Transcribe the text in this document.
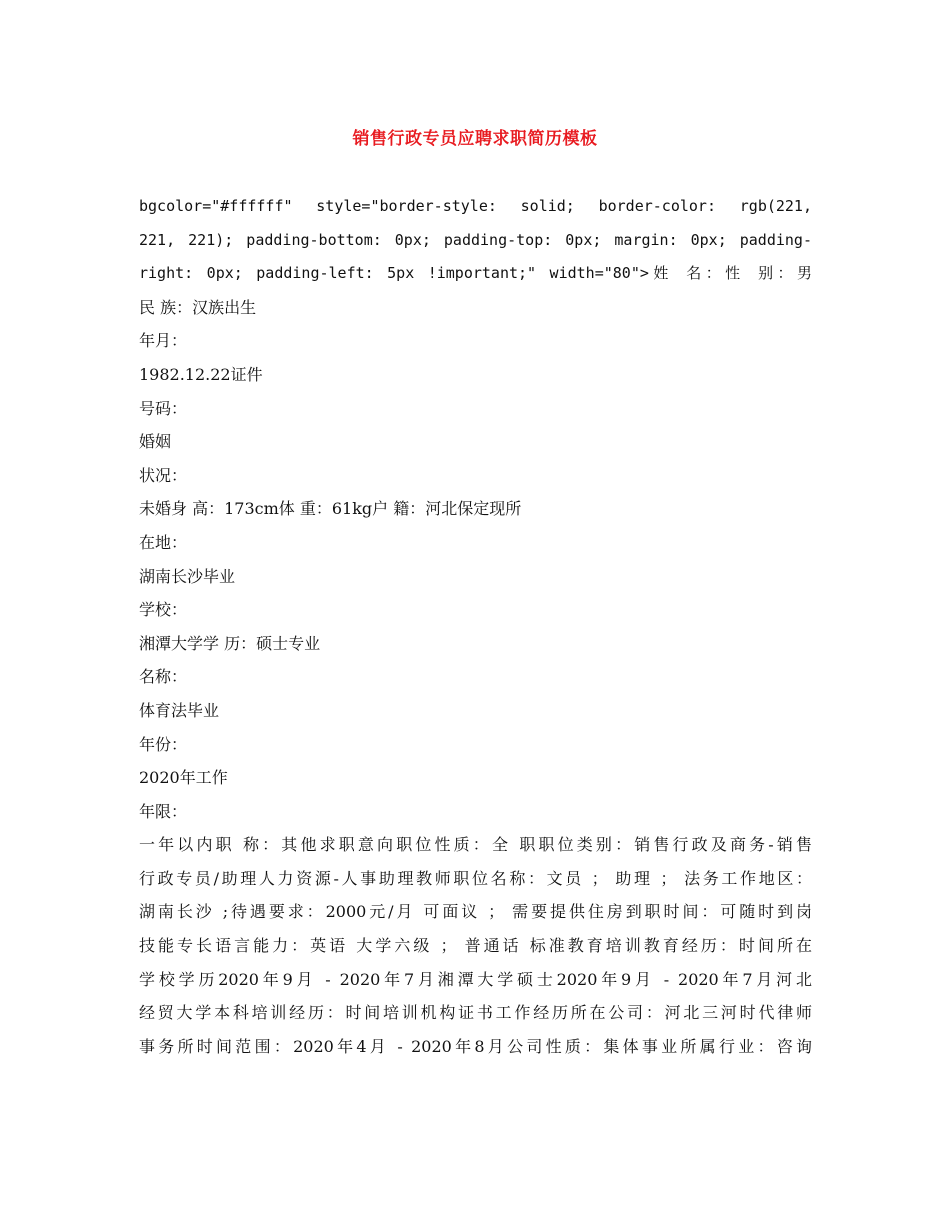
销售行政专员应聘求职简历模板

bgcolor="#ffffff" style="border-style: solid; border-color: rgb(221,

221, 221); padding-bottom: 0px; padding-top: 0px; margin: 0px; padding-

right: 0px; padding-left: 5px !important;" width="80">姓 名：性 别：男

民 族：汉族出生

年月：

1982.12.22证件

号码：

婚姻

状况：

未婚身 高：173cm体 重：61kg户 籍：河北保定现所

在地：

湖南长沙毕业

学校：

湘潭大学学 历：硕士专业

名称：

体育法毕业

年份：

2020年工作

年限：

一年以内职 称：其他求职意向职位性质：全 职职位类别：销售行政及商务-销售

行政专员/助理人力资源-人事助理教师职位名称：文员 ； 助理 ； 法务工作地区：

湖南长沙 ;待遇要求：2000元/月 可面议 ； 需要提供住房到职时间：可随时到岗

技能专长语言能力：英语 大学六级 ； 普通话 标准教育培训教育经历：时间所在

学校学历2020年9月 - 2020年7月湘潭大学硕士2020年9月 - 2020年7月河北

经贸大学本科培训经历：时间培训机构证书工作经历所在公司：河北三河时代律师

事务所时间范围：2020年4月 - 2020年8月公司性质：集体事业所属行业：咨询
